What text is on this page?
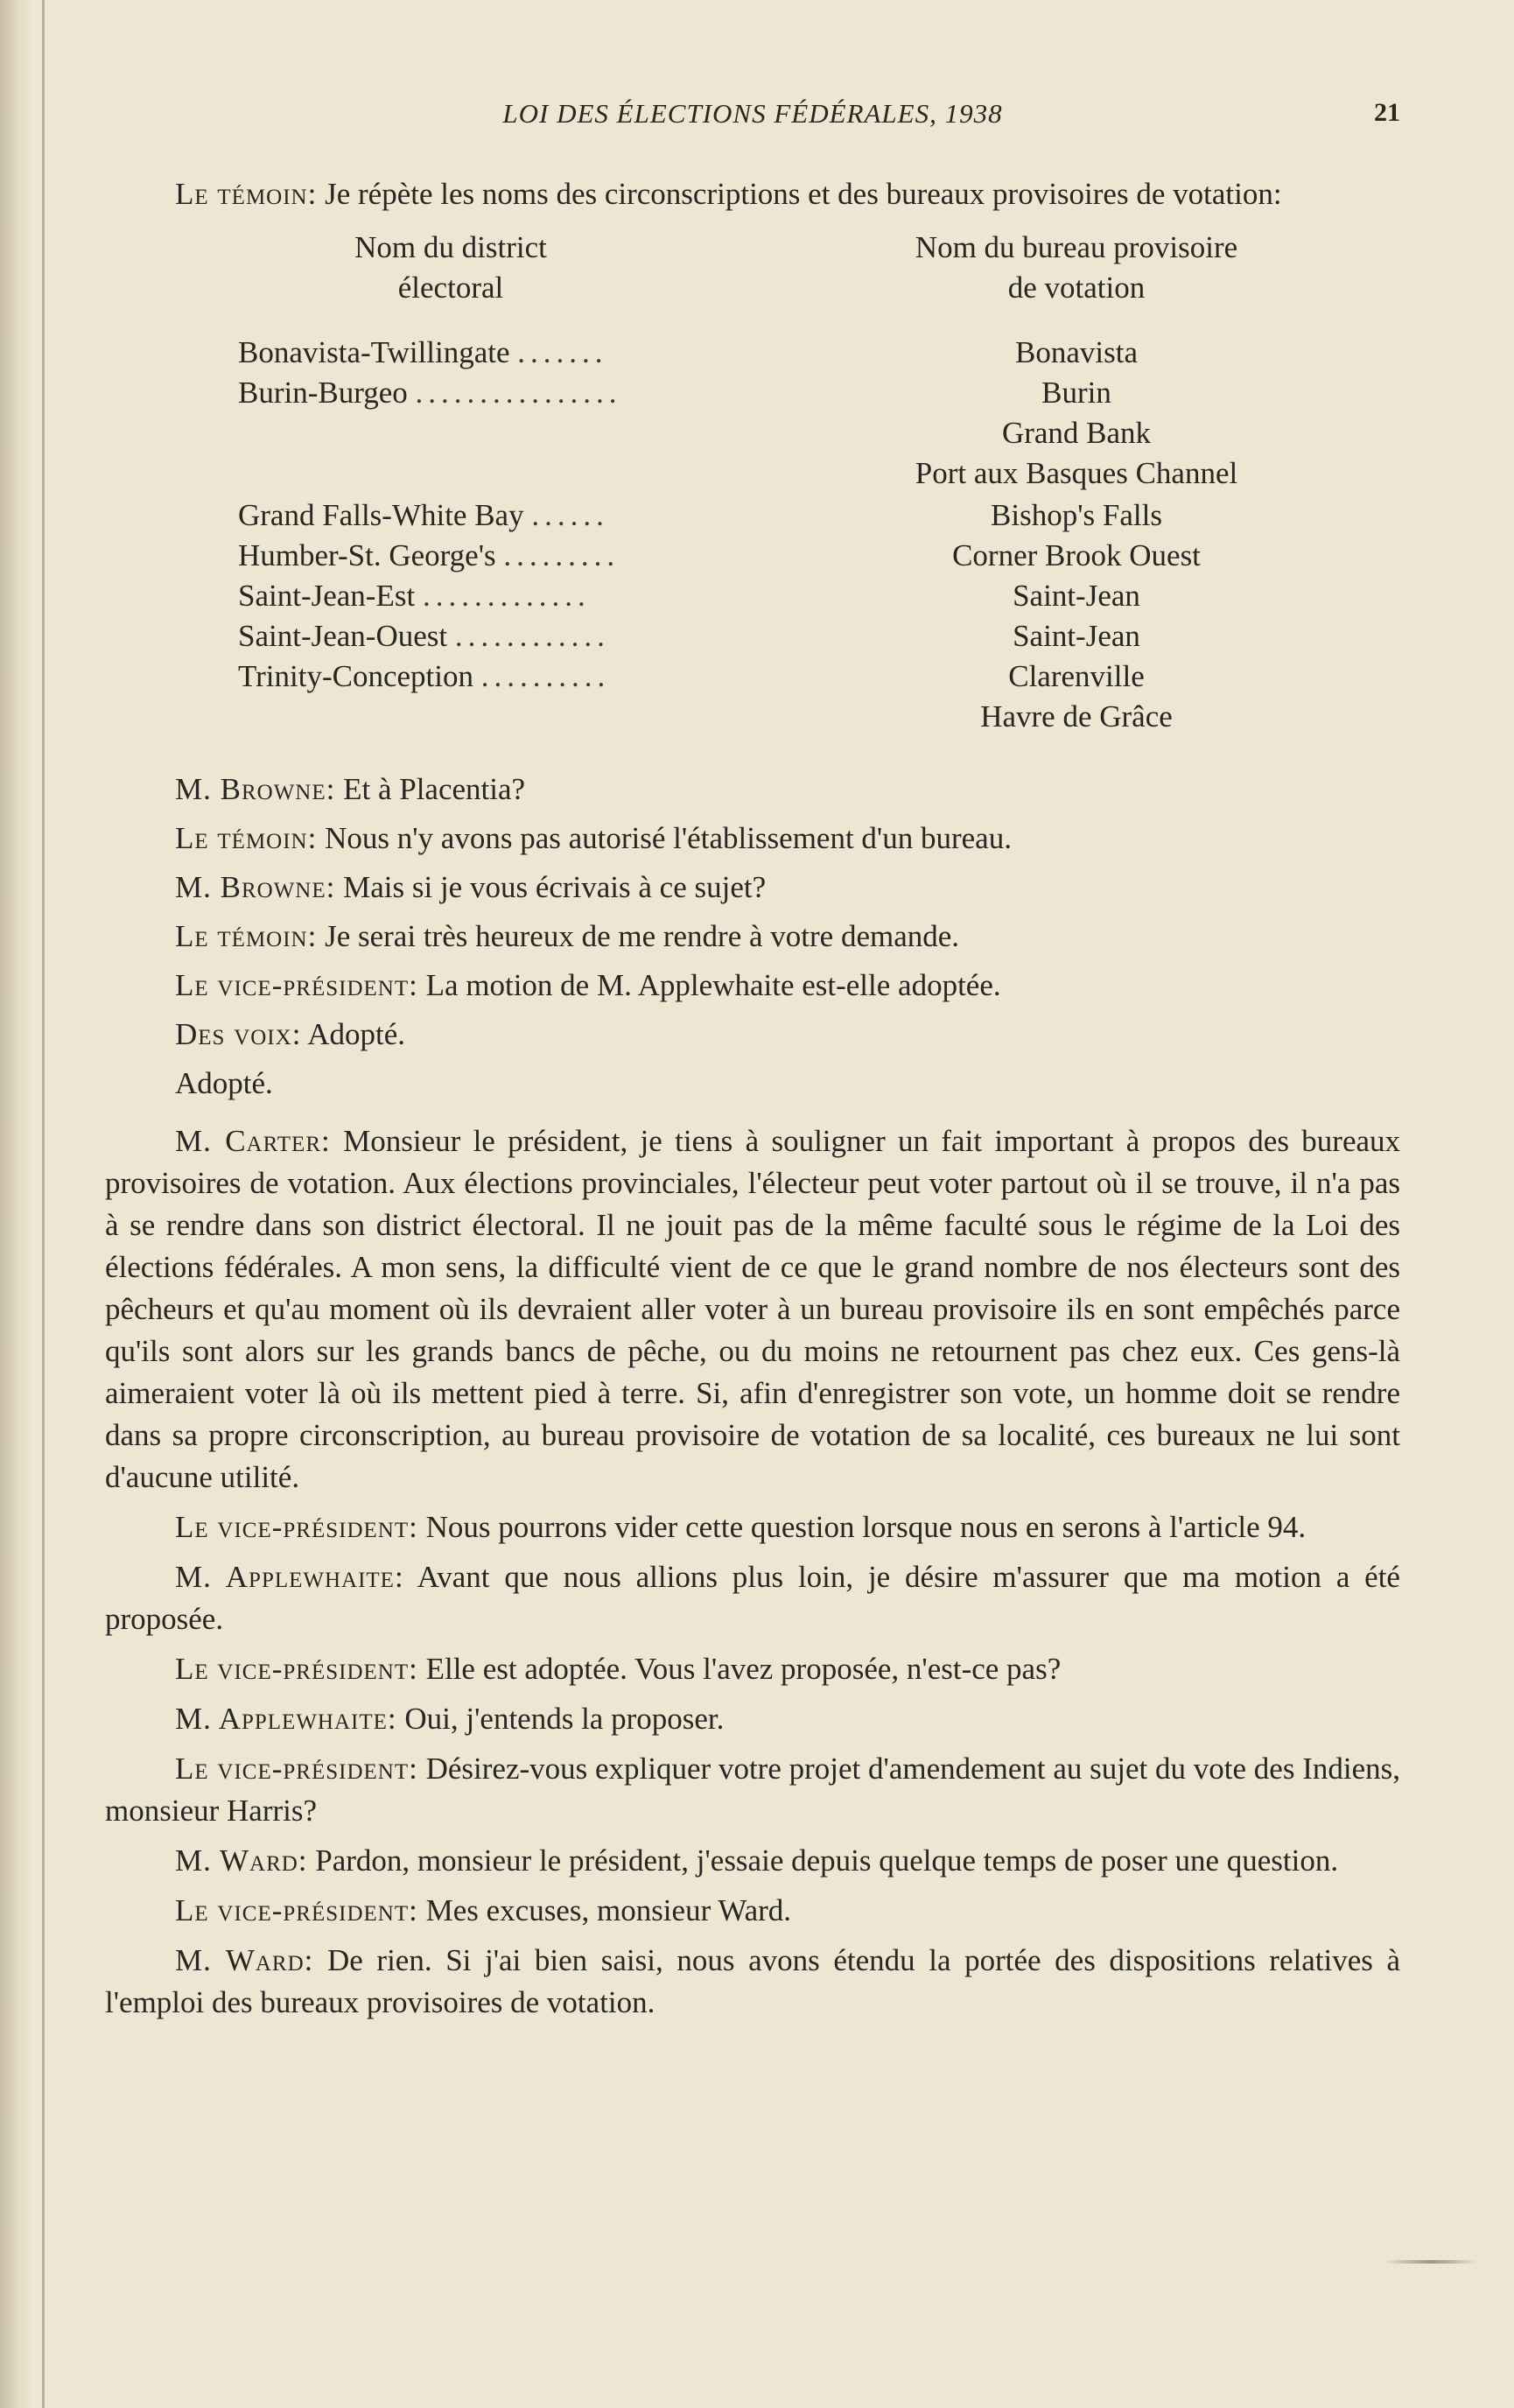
LOI DES ÉLECTIONS FÉDÉRALES, 1938	21

Le témoin: Je répète les noms des circonscriptions et des bureaux provisoires de votation:

Nom du district
électoral
Nom du bureau provisoire
de votation
Bonavista-Twillingate .......
Burin-Burgeo ................
Grand Falls-White Bay ......
Humber-St. George's .........
Saint-Jean-Est .............
Saint-Jean-Ouest ............
Trinity-Conception ..........
Bonavista
Burin
Grand Bank
Port aux Basques Channel
Bishop's Falls
Corner Brook Ouest
Saint-Jean
Saint-Jean
Clarenville
Havre de Grâce

M. Browne: Et à Placentia?

Le témoin: Nous n'y avons pas autorisé l'établissement d'un bureau.

M. Browne: Mais si je vous écrivais à ce sujet?

Le témoin: Je serai très heureux de me rendre à votre demande.

Le vice-président: La motion de M. Applewhaite est-elle adoptée.

Des voix: Adopté.

Adopté.

M. Carter: Monsieur le président, je tiens à souligner un fait important à propos des bureaux provisoires de votation. Aux élections provinciales, l'électeur peut voter partout où il se trouve, il n'a pas à se rendre dans son district électoral. Il ne jouit pas de la même faculté sous le régime de la Loi des élections fédérales. A mon sens, la difficulté vient de ce que le grand nombre de nos électeurs sont des pêcheurs et qu'au moment où ils devraient aller voter à un bureau provisoire ils en sont empêchés parce qu'ils sont alors sur les grands bancs de pêche, ou du moins ne retournent pas chez eux. Ces gens-là aimeraient voter là où ils mettent pied à terre. Si, afin d'enregistrer son vote, un homme doit se rendre dans sa propre circonscription, au bureau provisoire de votation de sa localité, ces bureaux ne lui sont d'aucune utilité.

Le vice-président: Nous pourrons vider cette question lorsque nous en serons à l'article 94.

M. Applewhaite: Avant que nous allions plus loin, je désire m'assurer que ma motion a été proposée.

Le vice-président: Elle est adoptée. Vous l'avez proposée, n'est-ce pas?

M. Applewhaite: Oui, j'entends la proposer.

Le vice-président: Désirez-vous expliquer votre projet d'amendement au sujet du vote des Indiens, monsieur Harris?

M. Ward: Pardon, monsieur le président, j'essaie depuis quelque temps de poser une question.

Le vice-président: Mes excuses, monsieur Ward.

M. Ward: De rien. Si j'ai bien saisi, nous avons étendu la portée des dispositions relatives à l'emploi des bureaux provisoires de votation.
